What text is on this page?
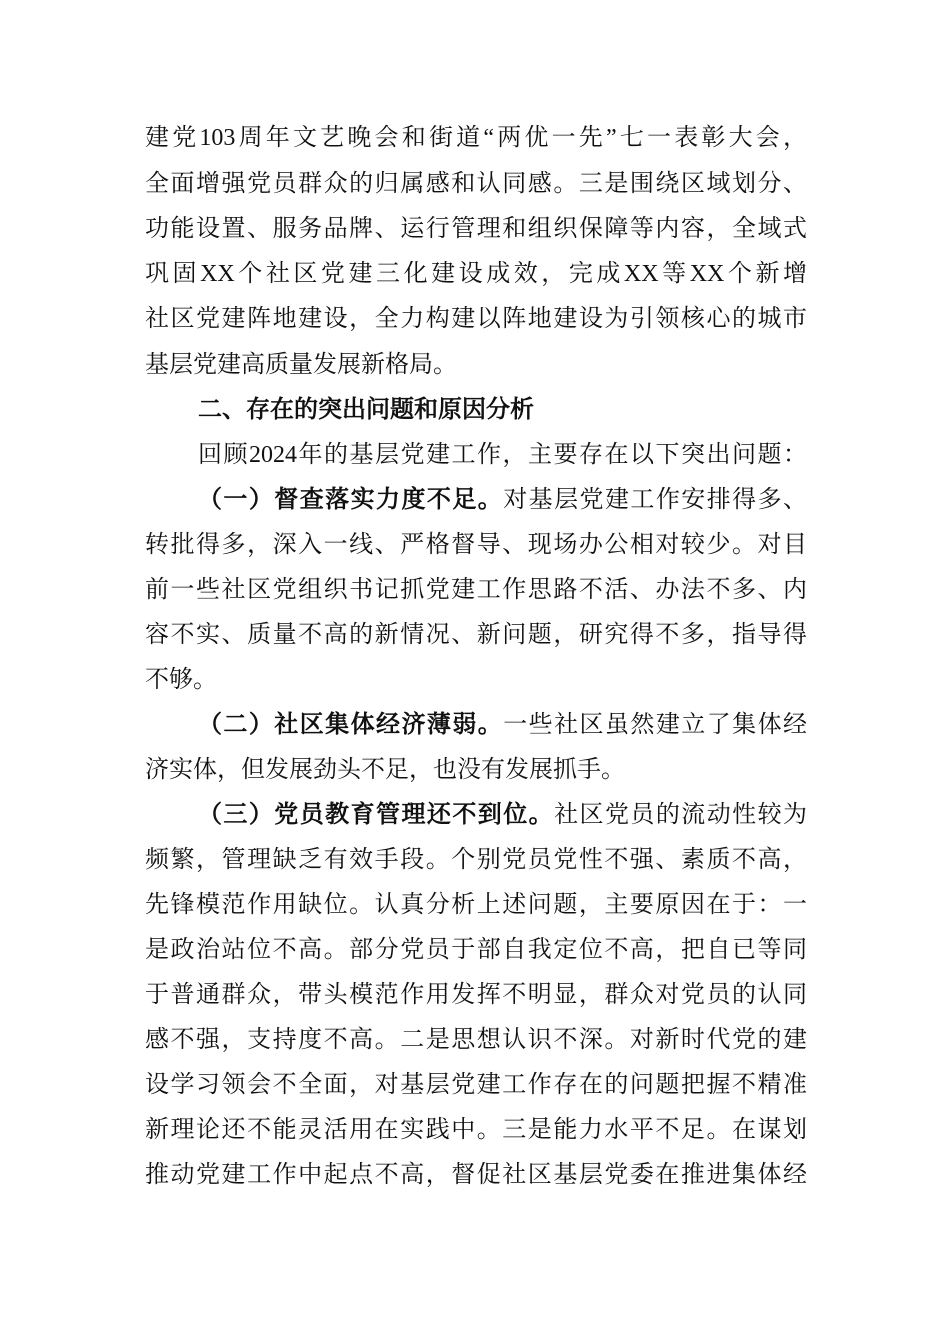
建党103周年文艺晚会和街道“两优一先”七一表彰大会，
全面增强党员群众的归属感和认同感。三是围绕区域划分、
功能设置、服务品牌、运行管理和组织保障等内容，全域式
巩固XX个社区党建三化建设成效，完成XX等XX个新增
社区党建阵地建设，全力构建以阵地建设为引领核心的城市
基层党建高质量发展新格局。
二、存在的突出问题和原因分析
回顾2024年的基层党建工作，主要存在以下突出问题：
（一）督查落实力度不足。对基层党建工作安排得多、
转批得多，深入一线、严格督导、现场办公相对较少。对目
前一些社区党组织书记抓党建工作思路不活、办法不多、内
容不实、质量不高的新情况、新问题，研究得不多，指导得
不够。
（二）社区集体经济薄弱。一些社区虽然建立了集体经
济实体，但发展劲头不足，也没有发展抓手。
（三）党员教育管理还不到位。社区党员的流动性较为
频繁，管理缺乏有效手段。个别党员党性不强、素质不高，
先锋模范作用缺位。认真分析上述问题，主要原因在于：一
是政治站位不高。部分党员于部自我定位不高，把自已等同
于普通群众，带头模范作用发挥不明显，群众对党员的认同
感不强，支持度不高。二是思想认识不深。对新时代党的建
设学习领会不全面，对基层党建工作存在的问题把握不精准
新理论还不能灵活用在实践中。三是能力水平不足。在谋划
推动党建工作中起点不高，督促社区基层党委在推进集体经
